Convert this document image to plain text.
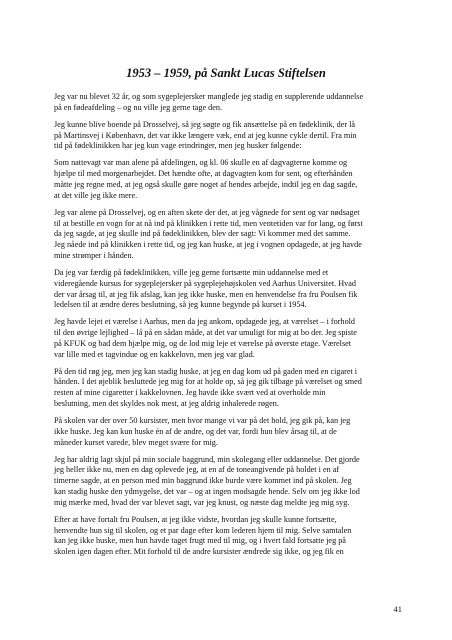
1953 – 1959, på Sankt Lucas Stiftelsen

Jeg var nu blevet 32 år, og som sygeplejersker manglede jeg stadig en supplerende uddannelse
på en fødeafdeling – og nu ville jeg gerne tage den.

Jeg kunne blive boende på Drosselvej, så jeg søgte og fik ansættelse på en fødeklinik, der lå
på Martinsvej i København, det var ikke længere væk, end at jeg kunne cykle dertil. Fra min
tid på fødeklinikken har jeg kun vage erindringer, men jeg husker følgende:

Som nattevagt var man alene på afdelingen, og kl. 06 skulle en af dagvagterne komme og
hjælpe til med morgenarbejdet. Det hændte ofte, at dagvagten kom for sent, og efterhånden
måtte jeg regne med, at jeg også skulle gøre noget af hendes arbejde, indtil jeg en dag sagde,
at det ville jeg ikke mere.

Jeg var alene på Drosselvej, og en aften skete der det, at jeg vågnede for sent og var nødsaget
til at bestille en vogn for at nå ind på klinikken i rette tid, men ventetiden var for lang, og først
da jeg sagde, at jeg skulle ind på fødeklinikken, blev der sagt: Vi kommer med det samme.
Jeg nåede ind på klinikken i rette tid, og jeg kan huske, at jeg i vognen opdagede, at jeg havde
mine strømper i hånden.

Da jeg var færdig på fødeklinikken, ville jeg gerne fortsætte min uddannelse med et
videregående kursus for sygeplejersker på sygeplejehøjskolen ved Aarhus Universitet. Hvad
der var årsag til, at jeg fik afslag, kan jeg ikke huske, men en henvendelse fra fru Poulsen fik
ledelsen til at ændre deres beslutning, så jeg kunne begynde på kurset i 1954.

Jeg havde lejet et værelse i Aarhus, men da jeg ankom, opdagede jeg, at værelset – i forhold
til den øvrige lejlighed – lå på en sådan måde, at det var umuligt for mig at bo der. Jeg spiste
på KFUK og bad dem hjælpe mig, og de lod mig leje et værelse på øverste etage. Værelset
var lille med et tagvindue og en kakkelovn, men jeg var glad.

På den tid røg jeg, men jeg kan stadig huske, at jeg en dag kom ud på gaden med en cigaret i
hånden. I det øjeblik besluttede jeg mig for at holde op, så jeg gik tilbage på værelset og smed
resten af mine cigaretter i kakkelovnen. Jeg havde ikke svært ved at overholde min
beslutning, men det skyldes nok mest, at jeg aldrig inhalerede røgen.

På skolen var der over 50 kursister, men hvor mange vi var på det hold, jeg gik på, kan jeg
ikke huske. Jeg kan kun huske én af de andre, og det var, fordi hun blev årsag til, at de
måneder kurset varede, blev meget svære for mig.

Jeg har aldrig lagt skjul på min sociale baggrund, min skolegang eller uddannelse. Det gjorde
jeg heller ikke nu, men en dag oplevede jeg, at en af de toneangivende på holdet i en af
timerne sagde, at en person med min baggrund ikke burde være kommet ind på skolen. Jeg
kan stadig huske den ydmygelse, det var – og at ingen modsagde hende. Selv om jeg ikke lod
mig mærke med, hvad der var blevet sagt, var jeg knust, og næste dag meldte jeg mig syg.

Efter at have fortalt fru Poulsen, at jeg ikke vidste, hvordan jeg skulle kunne fortsætte,
henvendte hun sig til skolen, og et par dage efter kom lederen hjem til mig. Selve samtalen
kan jeg ikke huske, men hun havde taget frugt med til mig, og i hvert fald fortsatte jeg på
skolen igen dagen efter. Mit forhold til de andre kursister ændrede sig ikke, og jeg fik en

41
